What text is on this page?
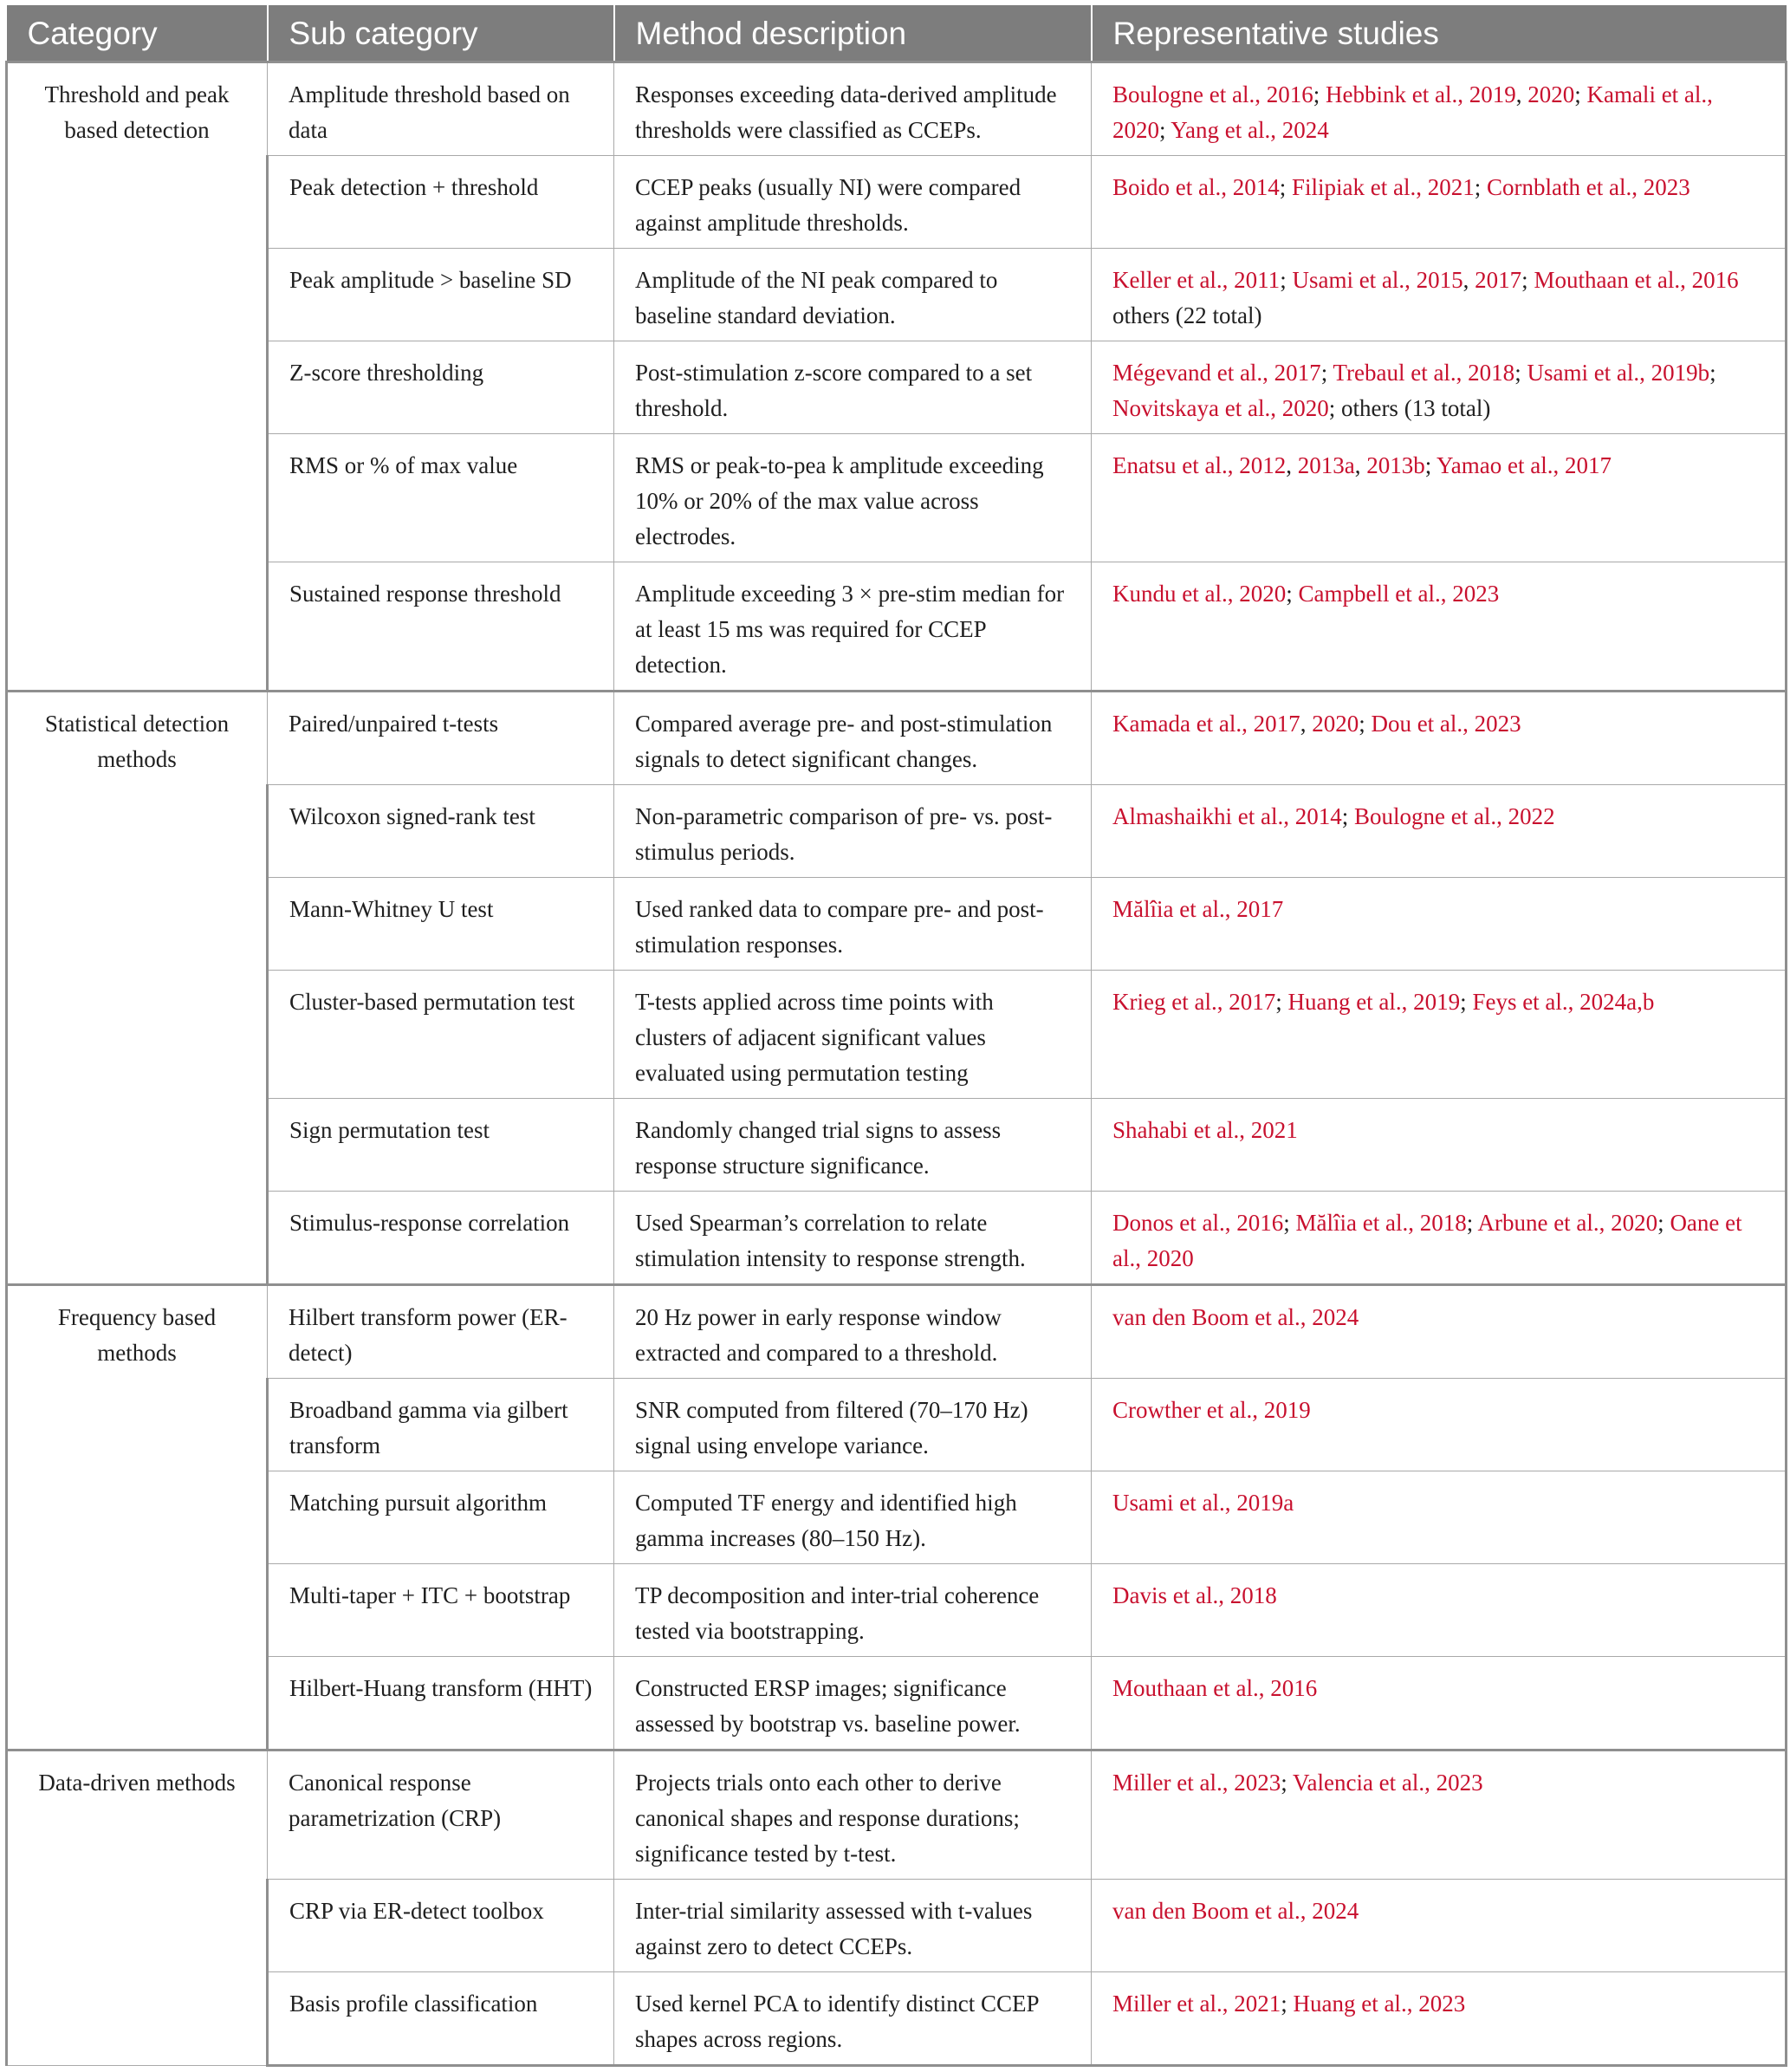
Category	Sub category	Method description	Representative studies
Threshold and peak based detection	Amplitude threshold based on data	Responses exceeding data-derived amplitude thresholds were classified as CCEPs.	Boulogne et al., 2016; Hebbink et al., 2019, 2020; Kamali et al., 2020; Yang et al., 2024
	Peak detection + threshold	CCEP peaks (usually NI) were compared against amplitude thresholds.	Boido et al., 2014; Filipiak et al., 2021; Cornblath et al., 2023
	Peak amplitude > baseline SD	Amplitude of the NI peak compared to baseline standard deviation.	Keller et al., 2011; Usami et al., 2015, 2017; Mouthaan et al., 2016 others (22 total)
	Z-score thresholding	Post-stimulation z-score compared to a set threshold.	Mégevand et al., 2017; Trebaul et al., 2018; Usami et al., 2019b; Novitskaya et al., 2020; others (13 total)
	RMS or % of max value	RMS or peak-to-pea k amplitude exceeding 10% or 20% of the max value across electrodes.	Enatsu et al., 2012, 2013a, 2013b; Yamao et al., 2017
	Sustained response threshold	Amplitude exceeding 3 × pre-stim median for at least 15 ms was required for CCEP detection.	Kundu et al., 2020; Campbell et al., 2023
Statistical detection methods	Paired/unpaired t-tests	Compared average pre- and post-stimulation signals to detect significant changes.	Kamada et al., 2017, 2020; Dou et al., 2023
	Wilcoxon signed-rank test	Non-parametric comparison of pre- vs. post-stimulus periods.	Almashaikhi et al., 2014; Boulogne et al., 2022
	Mann-Whitney U test	Used ranked data to compare pre- and post-stimulation responses.	Mălîia et al., 2017
	Cluster-based permutation test	T-tests applied across time points with clusters of adjacent significant values evaluated using permutation testing	Krieg et al., 2017; Huang et al., 2019; Feys et al., 2024a,b
	Sign permutation test	Randomly changed trial signs to assess response structure significance.	Shahabi et al., 2021
	Stimulus-response correlation	Used Spearman’s correlation to relate stimulation intensity to response strength.	Donos et al., 2016; Mălîia et al., 2018; Arbune et al., 2020; Oane et al., 2020
Frequency based methods	Hilbert transform power (ER-detect)	20 Hz power in early response window extracted and compared to a threshold.	van den Boom et al., 2024
	Broadband gamma via gilbert transform	SNR computed from filtered (70–170 Hz) signal using envelope variance.	Crowther et al., 2019
	Matching pursuit algorithm	Computed TF energy and identified high gamma increases (80–150 Hz).	Usami et al., 2019a
	Multi-taper + ITC + bootstrap	TP decomposition and inter-trial coherence tested via bootstrapping.	Davis et al., 2018
	Hilbert-Huang transform (HHT)	Constructed ERSP images; significance assessed by bootstrap vs. baseline power.	Mouthaan et al., 2016
Data-driven methods	Canonical response parametrization (CRP)	Projects trials onto each other to derive canonical shapes and response durations; significance tested by t-test.	Miller et al., 2023; Valencia et al., 2023
	CRP via ER-detect toolbox	Inter-trial similarity assessed with t-values against zero to detect CCEPs.	van den Boom et al., 2024
	Basis profile classification	Used kernel PCA to identify distinct CCEP shapes across regions.	Miller et al., 2021; Huang et al., 2023
